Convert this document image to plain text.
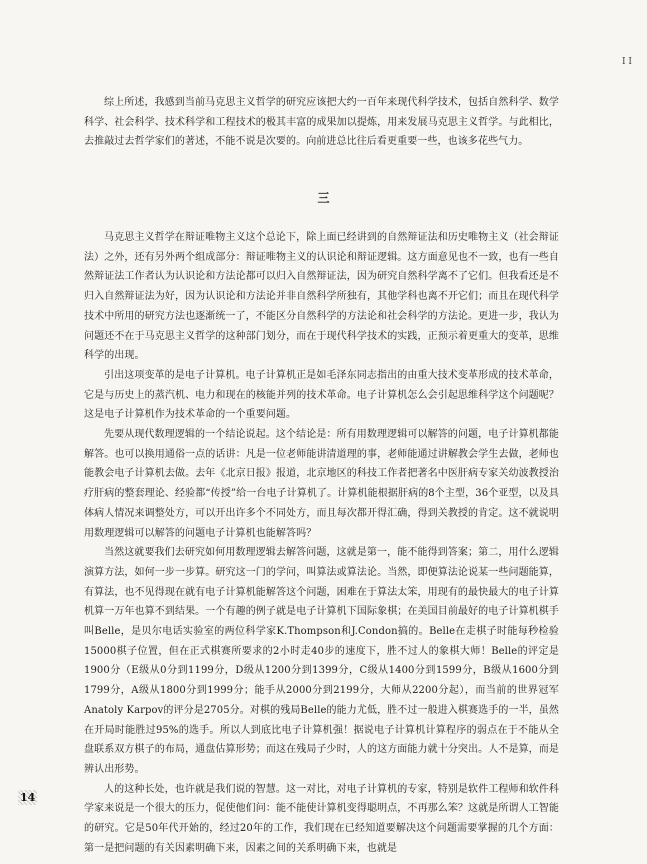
I I

综上所述，我感到当前马克思主义哲学的研究应该把大约一百年来现代科学技术，包括自然科学、数学科学、社会科学、技术科学和工程技术的极其丰富的成果加以提炼，用来发展马克思主义哲学。与此相比，去推敲过去哲学家们的著述，不能不说是次要的。向前进总比往后看更重要一些，也该多花些气力。

三

马克思主义哲学在辩证唯物主义这个总论下，除上面已经讲到的自然辩证法和历史唯物主义（社会辩证法）之外，还有另外两个组成部分：辩证唯物主义的认识论和辩证逻辑。这方面意见也不一致，也有一些自然辩证法工作者认为认识论和方法论都可以归入自然辩证法，因为研究自然科学离不了它们。但我看还是不归入自然辩证法为好，因为认识论和方法论并非自然科学所独有，其他学科也离不开它们；而且在现代科学技术中所用的研究方法也逐渐统一了，不能区分自然科学的方法论和社会科学的方法论。更进一步，我认为问题还不在于马克思主义哲学的这种部门划分，而在于现代科学技术的实践，正预示着更重大的变革，思维科学的出现。

引出这项变革的是电子计算机。电子计算机正是如毛泽东同志指出的由重大技术变革形成的技术革命，它是与历史上的蒸汽机、电力和现在的核能并列的技术革命。电子计算机怎么会引起思维科学这个问题呢？这是电子计算机作为技术革命的一个重要问题。

先要从现代数理逻辑的一个结论说起。这个结论是：所有用数理逻辑可以解答的问题，电子计算机都能解答。也可以换用通俗一点的话讲：凡是一位老师能讲清道理的事，老师能通过讲解教会学生去做，老师也能教会电子计算机去做。去年《北京日报》报道，北京地区的科技工作者把著名中医肝病专家关幼波教授治疗肝病的整套理论、经验都“传授”给一台电子计算机了。计算机能根据肝病的8个主型，36个亚型，以及具体病人情况来调整处方，可以开出许多个不同处方，而且每次都开得汇确，得到关教授的肯定。这不就说明用数理逻辑可以解答的问题电子计算机也能解答吗？

当然这就要我们去研究如何用数理逻辑去解答问题，这就是第一，能不能得到答案；第二，用什么逻辑演算方法，如何一步一步算。研究这一门的学问，叫算法或算法论。当然，即便算法论说某一些问题能算，有算法，也不见得现在就有电子计算机能解答这个问题，困难在于算法太笨，用现有的最快最大的电子计算机算一万年也算不到结果。一个有趣的例子就是电子计算机下国际象棋；在美国目前最好的电子计算机棋手叫Belle，是贝尔电话实验室的两位科学家K.Thompson和J.Condon搞的。Belle在走棋子时能每秒检验15000棋子位置，但在正式棋赛所要求的2小时走40步的速度下，胜不过人的象棋大师！Belle的评定是1900分（E级从0分到1199分，D级从1200分到1399分，C级从1400分到1599分，B级从1600分到1799分，A级从1800分到1999分；能手从2000分到2199分，大师从2200分起），而当前的世界冠军Anatoly Karpov的评分是2705分。对棋的残局Belle的能力尤低，胜不过一般进入棋赛选手的一半，虽然在开局时能胜过95%的选手。所以人到底比电子计算机强！据说电子计算机计算程序的弱点在于不能从全盘联系双方棋子的布局，通盘估算形势；而这在残局子少时，人的这方面能力就十分突出。人不是算，而是辨认出形势。

人的这种长处，也许就是我们说的智慧。这一对比，对电子计算机的专家，特别是软件工程师和软件科学家来说是一个很大的压力，促使他们问：能不能使计算机变得聪明点，不再那么笨？这就是所谓人工智能的研究。它是50年代开始的，经过20年的工作，我们现在已经知道要解决这个问题需要掌握的几个方面：第一是把问题的有关因素明确下来，因素之间的关系明确下来，也就是

14
